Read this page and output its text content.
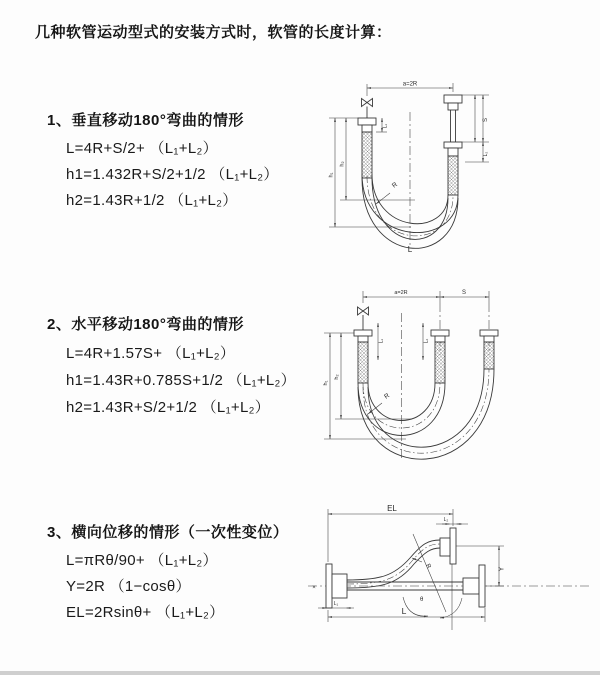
几种软管运动型式的安装方式时，软管的长度计算：
1、垂直移动180°弯曲的情形
L=4R+S/2+ （L₁+L₂）
h1=1.432R+S/2+1/2 （L₁+L₂）
h2=1.43R+1/2 （L₁+L₂）
2、水平移动180°弯曲的情形
L=4R+1.57S+ （L₁+L₂）
h1=1.43R+0.785S+1/2 （L₁+L₂）
h2=1.43R+S/2+1/2 （L₁+L₂）
3、横向位移的情形（一次性变位）
L=πRθ/90+ （L₁+L₂）
Y=2R （1−cosθ）
EL=2Rsinθ+ （L₁+L₂）
a=2R
h₁
h₂
L₁
S
L₂
R
L
a=2R	S
L₁	L₂
h₁
h₂
R
×
θ
R
EL
L₂
Y
L
L₁
